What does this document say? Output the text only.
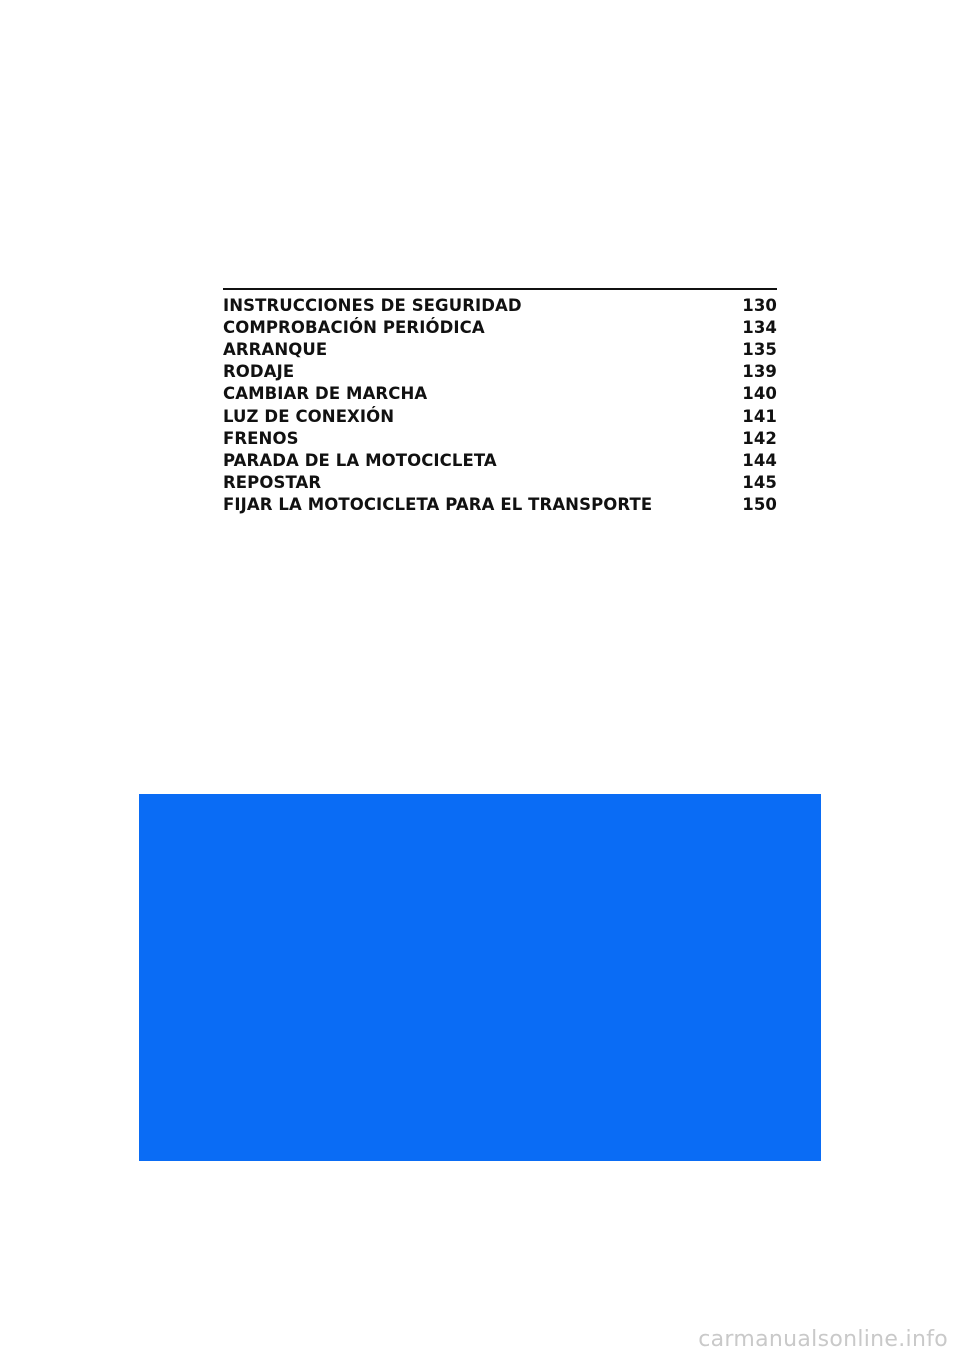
INSTRUCCIONES DE SEGURIDAD	130
COMPROBACIÓN PERIÓDICA	134
ARRANQUE	135
RODAJE	139
CAMBIAR DE MARCHA	140
LUZ DE CONEXIÓN	141
FRENOS	142
PARADA DE LA MOTOCICLETA	144
REPOSTAR	145
FIJAR LA MOTOCICLETA PARA EL TRANSPORTE	150
carmanualsonline.info
